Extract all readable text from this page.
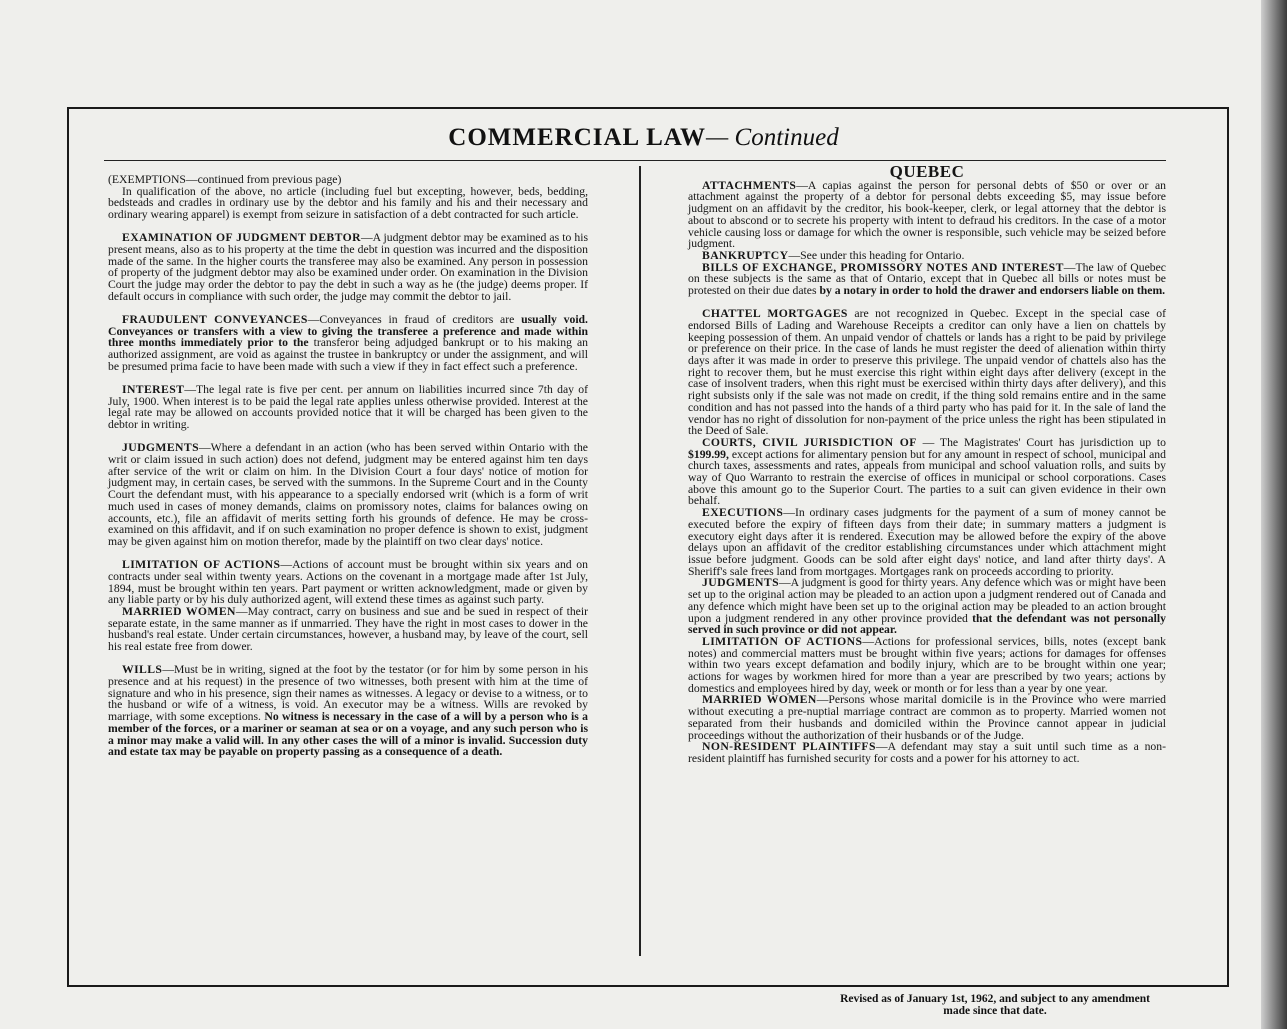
COMMERCIAL LAW— Continued

(EXEMPTIONS—continued from previous page)

In qualification of the above, no article (including fuel but excepting, however, beds, bedding, bedsteads and cradles in ordinary use by the debtor and his family and his and their necessary and ordinary wearing apparel) is exempt from seizure in satisfaction of a debt contracted for such article.

EXAMINATION OF JUDGMENT DEBTOR—A judgment debtor may be examined as to his present means, also as to his property at the time the debt in question was incurred and the disposition made of the same. In the higher courts the transferee may also be examined. Any person in possession of property of the judgment debtor may also be examined under order. On examination in the Division Court the judge may order the debtor to pay the debt in such a way as he (the judge) deems proper. If default occurs in compliance with such order, the judge may commit the debtor to jail.

FRAUDULENT CONVEYANCES—Conveyances in fraud of creditors are usually void. Conveyances or transfers with a view to giving the transferee a preference and made within three months immediately prior to the transferor being adjudged bankrupt or to his making an authorized assignment, are void as against the trustee in bankruptcy or under the assignment, and will be presumed prima facie to have been made with such a view if they in fact effect such a preference.

INTEREST—The legal rate is five per cent. per annum on liabilities incurred since 7th day of July, 1900. When interest is to be paid the legal rate applies unless otherwise provided. Interest at the legal rate may be allowed on accounts provided notice that it will be charged has been given to the debtor in writing.

JUDGMENTS—Where a defendant in an action (who has been served within Ontario with the writ or claim issued in such action) does not defend, judgment may be entered against him ten days after service of the writ or claim on him. In the Division Court a four days' notice of motion for judgment may, in certain cases, be served with the summons. In the Supreme Court and in the County Court the defendant must, with his appearance to a specially endorsed writ (which is a form of writ much used in cases of money demands, claims on promissory notes, claims for balances owing on accounts, etc.), file an affidavit of merits setting forth his grounds of defence. He may be cross-examined on this affidavit, and if on such examination no proper defence is shown to exist, judgment may be given against him on motion therefor, made by the plaintiff on two clear days' notice.

LIMITATION OF ACTIONS—Actions of account must be brought within six years and on contracts under seal within twenty years. Actions on the covenant in a mortgage made after 1st July, 1894, must be brought within ten years. Part payment or written acknowledgment, made or given by any liable party or by his duly authorized agent, will extend these times as against such party.

MARRIED WOMEN—May contract, carry on business and sue and be sued in respect of their separate estate, in the same manner as if unmarried. They have the right in most cases to dower in the husband's real estate. Under certain circumstances, however, a husband may, by leave of the court, sell his real estate free from dower.

WILLS—Must be in writing, signed at the foot by the testator (or for him by some person in his presence and at his request) in the presence of two witnesses, both present with him at the time of signature and who in his presence, sign their names as witnesses. A legacy or devise to a witness, or to the husband or wife of a witness, is void. An executor may be a witness. Wills are revoked by marriage, with some exceptions. No witness is necessary in the case of a will by a person who is a member of the forces, or a mariner or seaman at sea or on a voyage, and any such person who is a minor may make a valid will. In any other cases the will of a minor is invalid. Succession duty and estate tax may be payable on property passing as a consequence of a death.

QUEBEC

ATTACHMENTS—A capias against the person for personal debts of $50 or over or an attachment against the property of a debtor for personal debts exceeding $5, may issue before judgment on an affidavit by the creditor, his book-keeper, clerk, or legal attorney that the debtor is about to abscond or to secrete his property with intent to defraud his creditors. In the case of a motor vehicle causing loss or damage for which the owner is responsible, such vehicle may be seized before judgment.

BANKRUPTCY—See under this heading for Ontario.

BILLS OF EXCHANGE, PROMISSORY NOTES AND INTEREST—The law of Quebec on these subjects is the same as that of Ontario, except that in Quebec all bills or notes must be protested on their due dates by a notary in order to hold the drawer and endorsers liable on them.

CHATTEL MORTGAGES are not recognized in Quebec. Except in the special case of endorsed Bills of Lading and Warehouse Receipts a creditor can only have a lien on chattels by keeping possession of them. An unpaid vendor of chattels or lands has a right to be paid by privilege or preference on their price. In the case of lands he must register the deed of alienation within thirty days after it was made in order to preserve this privilege. The unpaid vendor of chattels also has the right to recover them, but he must exercise this right within eight days after delivery (except in the case of insolvent traders, when this right must be exercised within thirty days after delivery), and this right subsists only if the sale was not made on credit, if the thing sold remains entire and in the same condition and has not passed into the hands of a third party who has paid for it. In the sale of land the vendor has no right of dissolution for non-payment of the price unless the right has been stipulated in the Deed of Sale.

COURTS, CIVIL JURISDICTION OF — The Magistrates' Court has jurisdiction up to $199.99, except actions for alimentary pension but for any amount in respect of school, municipal and church taxes, assessments and rates, appeals from municipal and school valuation rolls, and suits by way of Quo Warranto to restrain the exercise of offices in municipal or school corporations. Cases above this amount go to the Superior Court. The parties to a suit can given evidence in their own behalf.

EXECUTIONS—In ordinary cases judgments for the payment of a sum of money cannot be executed before the expiry of fifteen days from their date; in summary matters a judgment is executory eight days after it is rendered. Execution may be allowed before the expiry of the above delays upon an affidavit of the creditor establishing circumstances under which attachment might issue before judgment. Goods can be sold after eight days' notice, and land after thirty days'. A Sheriff's sale frees land from mortgages. Mortgages rank on proceeds according to priority.

JUDGMENTS—A judgment is good for thirty years. Any defence which was or might have been set up to the original action may be pleaded to an action upon a judgment rendered out of Canada and any defence which might have been set up to the original action may be pleaded to an action brought upon a judgment rendered in any other province provided that the defendant was not personally served in such province or did not appear.

LIMITATION OF ACTIONS—Actions for professional services, bills, notes (except bank notes) and commercial matters must be brought within five years; actions for damages for offenses within two years except defamation and bodily injury, which are to be brought within one year; actions for wages by workmen hired for more than a year are prescribed by two years; actions by domestics and employees hired by day, week or month or for less than a year by one year.

MARRIED WOMEN—Persons whose marital domicile is in the Province who were married without executing a pre-nuptial marriage contract are common as to property. Married women not separated from their husbands and domiciled within the Province cannot appear in judicial proceedings without the authorization of their husbands or of the Judge.

NON-RESIDENT PLAINTIFFS—A defendant may stay a suit until such time as a non-resident plaintiff has furnished security for costs and a power for his attorney to act.

Revised as of January 1st, 1962, and subject to any amendment
made since that date.
